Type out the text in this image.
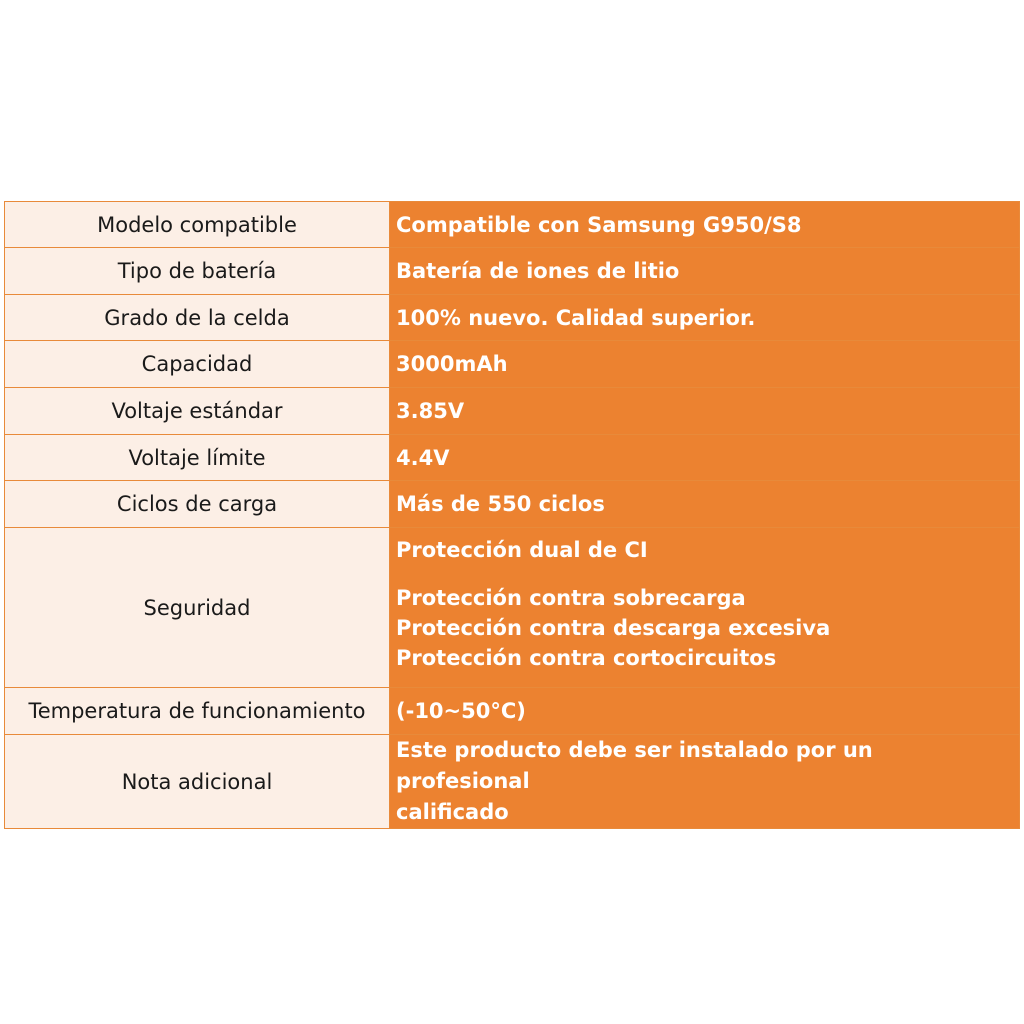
Modelo compatible	Compatible con Samsung G950/S8
Tipo de batería	Batería de iones de litio
Grado de la celda	100% nuevo. Calidad superior.
Capacidad	3000mAh
Voltaje estándar	3.85V
Voltaje límite	4.4V
Ciclos de carga	Más de 550 ciclos
Seguridad	Protección dual de CI
Protección contra sobrecarga
Protección contra descarga excesiva
Protección contra cortocircuitos

Temperatura de funcionamiento	(-10~50°C)
Nota adicional	Este producto debe ser instalado por un profesional
calificado
